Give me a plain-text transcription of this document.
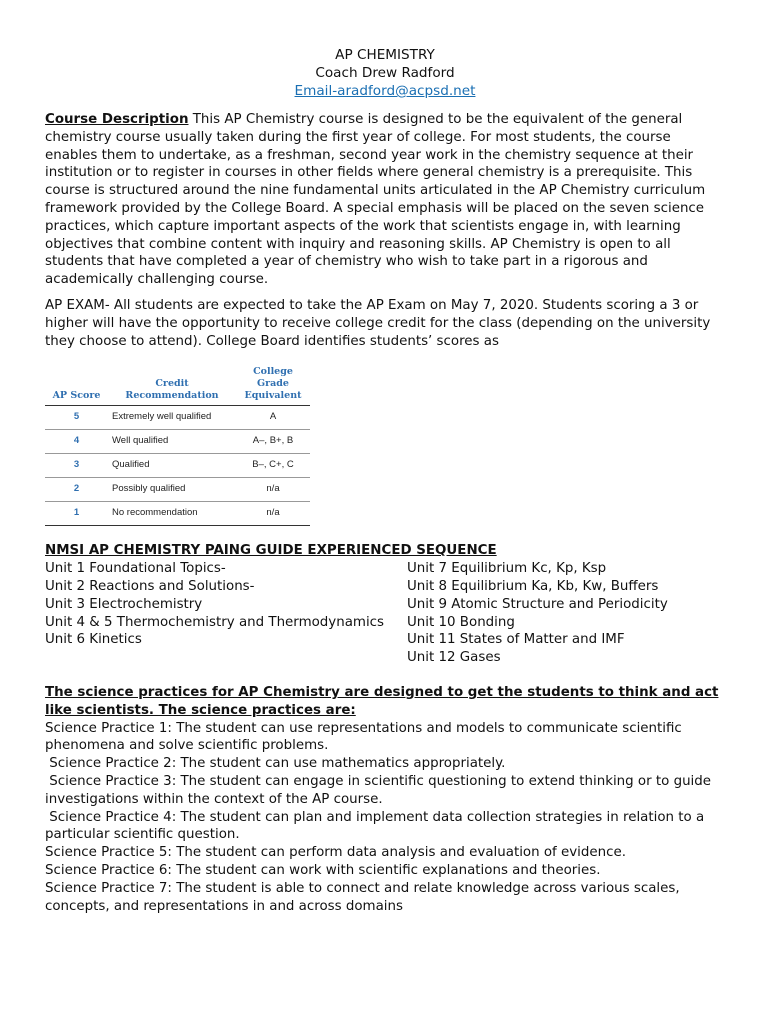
AP CHEMISTRY
Coach Drew Radford
Email-aradford@acpsd.net

Course Description This AP Chemistry course is designed to be the equivalent of the general chemistry course usually taken during the first year of college. For most students, the course enables them to undertake, as a freshman, second year work in the chemistry sequence at their institution or to register in courses in other fields where general chemistry is a prerequisite. This course is structured around the nine fundamental units articulated in the AP Chemistry curriculum framework provided by the College Board. A special emphasis will be placed on the seven science practices, which capture important aspects of the work that scientists engage in, with learning objectives that combine content with inquiry and reasoning skills. AP Chemistry is open to all students that have completed a year of chemistry who wish to take part in a rigorous and academically challenging course.

AP EXAM- All students are expected to take the AP Exam on May 7, 2020. Students scoring a 3 or higher will have the opportunity to receive college credit for the class (depending on the university they choose to attend). College Board identifies students’ scores as

AP Score	Credit Recommendation	College Grade Equivalent
5	Extremely well qualified	A
4	Well qualified	A–, B+, B
3	Qualified	B–, C+, C
2	Possibly qualified	n/a
1	No recommendation	n/a
NMSI AP CHEMISTRY PAING GUIDE EXPERIENCED SEQUENCE
Unit 1 Foundational Topics-
Unit 2 Reactions and Solutions-
Unit 3 Electrochemistry
Unit 4 & 5 Thermochemistry and Thermodynamics
Unit 6 Kinetics
Unit 7 Equilibrium Kc, Kp, Ksp
Unit 8 Equilibrium Ka, Kb, Kw, Buffers
Unit 9 Atomic Structure and Periodicity
Unit 10 Bonding
Unit 11 States of Matter and IMF
Unit 12 Gases
The science practices for AP Chemistry are designed to get the students to think and act like scientists. The science practices are:
Science Practice 1: The student can use representations and models to communicate scientific phenomena and solve scientific problems.
Science Practice 2: The student can use mathematics appropriately.
Science Practice 3: The student can engage in scientific questioning to extend thinking or to guide investigations within the context of the AP course.
Science Practice 4: The student can plan and implement data collection strategies in relation to a particular scientific question.
Science Practice 5: The student can perform data analysis and evaluation of evidence.
Science Practice 6: The student can work with scientific explanations and theories.
Science Practice 7: The student is able to connect and relate knowledge across various scales, concepts, and representations in and across domains
